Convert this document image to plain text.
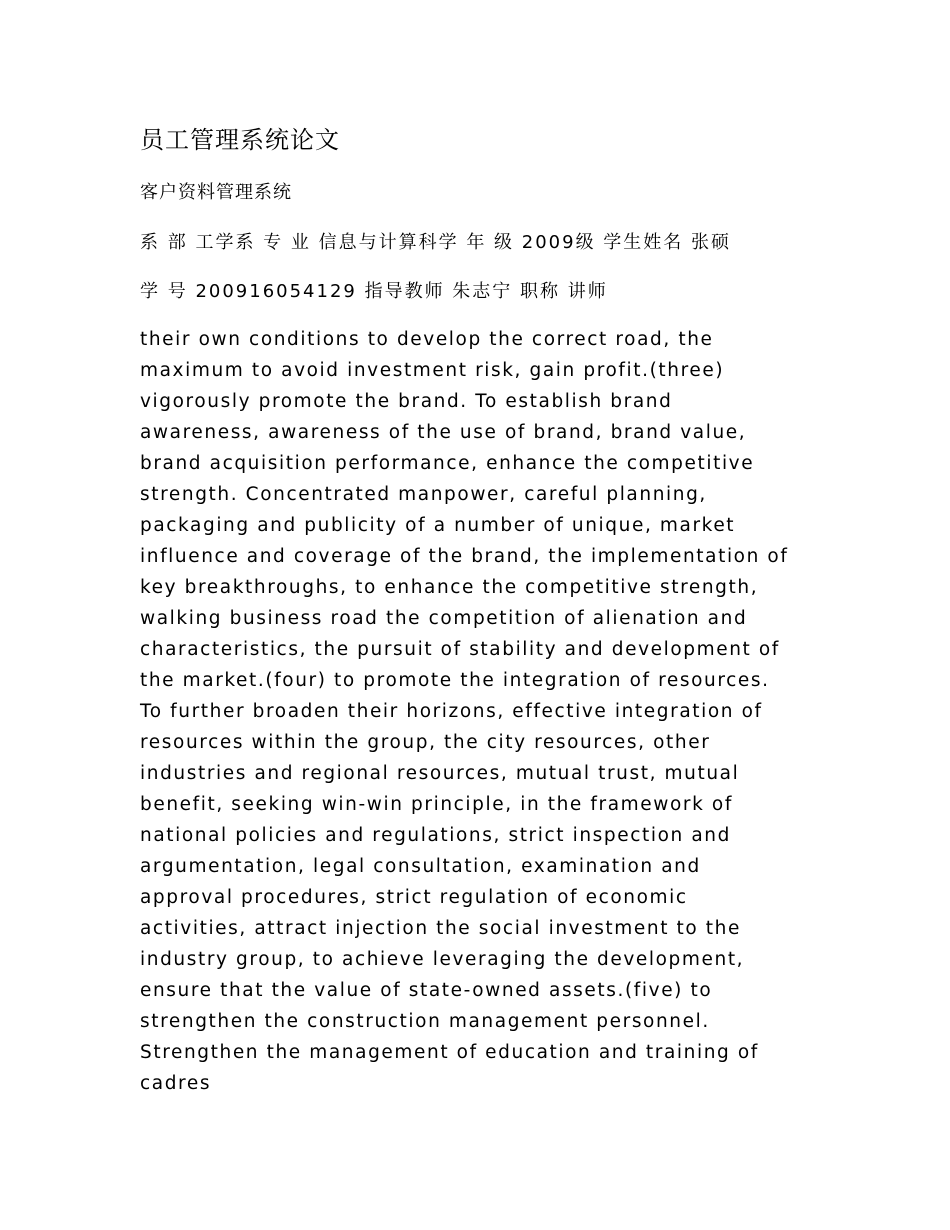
员工管理系统论文
客户资料管理系统
系 部 工学系 专 业 信息与计算科学 年 级 2009级 学生姓名 张硕
学 号 200916054129 指导教师 朱志宁 职称 讲师
their own conditions to develop the correct road, the
maximum to avoid investment risk, gain profit.(three)
vigorously promote the brand. To establish brand
awareness, awareness of the use of brand, brand value,
brand acquisition performance, enhance the competitive
strength. Concentrated manpower, careful planning,
packaging and publicity of a number of unique, market
influence and coverage of the brand, the implementation of
key breakthroughs, to enhance the competitive strength,
walking business road the competition of alienation and
characteristics, the pursuit of stability and development of
the market.(four) to promote the integration of resources.
To further broaden their horizons, effective integration of
resources within the group, the city resources, other
industries and regional resources, mutual trust, mutual
benefit, seeking win-win principle, in the framework of
national policies and regulations, strict inspection and
argumentation, legal consultation, examination and
approval procedures, strict regulation of economic
activities, attract injection the social investment to the
industry group, to achieve leveraging the development,
ensure that the value of state-owned assets.(five) to
strengthen the construction management personnel.
Strengthen the management of education and training of
cadres
